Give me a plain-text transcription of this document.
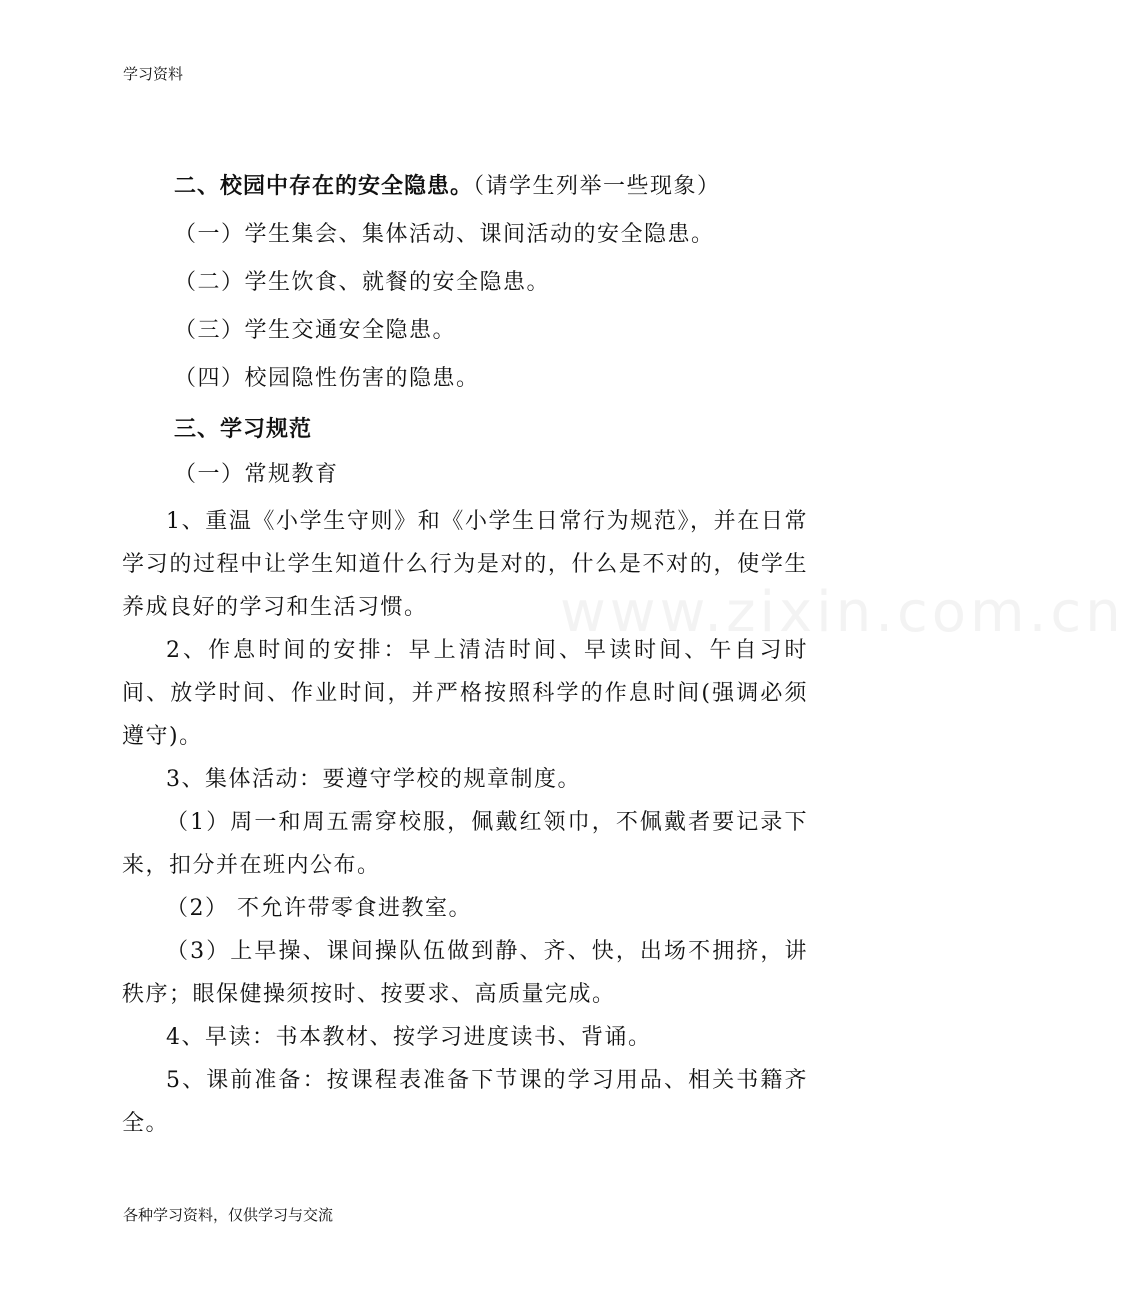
学习资料
www.zixin.com.cn
二、校园中存在的安全隐患。（请学生列举一些现象）
（一）学生集会、集体活动、课间活动的安全隐患。
（二）学生饮食、就餐的安全隐患。
（三）学生交通安全隐患。
（四）校园隐性伤害的隐患。
三、学习规范
（一）常规教育

1、重温《小学生守则》和《小学生日常行为规范》，并在日常学习的过程中让学生知道什么行为是对的，什么是不对的，使学生养成良好的学习和生活习惯。

2、作息时间的安排：早上清洁时间、早读时间、午自习时间、放学时间、作业时间，并严格按照科学的作息时间(强调必须遵守)。

3、集体活动：要遵守学校的规章制度。

（1）周一和周五需穿校服，佩戴红领巾，不佩戴者要记录下来，扣分并在班内公布。

（2） 不允许带零食进教室。

（3）上早操、课间操队伍做到静、齐、快，出场不拥挤，讲秩序；眼保健操须按时、按要求、高质量完成。

4、早读：书本教材、按学习进度读书、背诵。

5、课前准备：按课程表准备下节课的学习用品、相关书籍齐全。

各种学习资料，仅供学习与交流
